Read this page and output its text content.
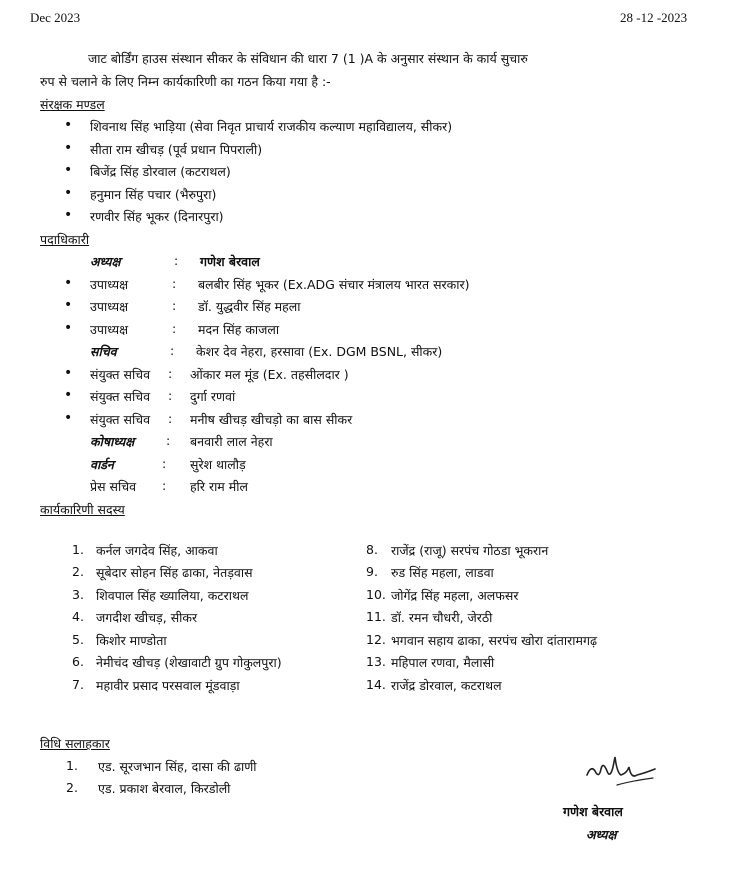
Dec 2023	28 -12 -2023
जाट बोर्डिंग हाउस संस्थान सीकर के संविधान की धारा 7 (1 )A के अनुसार संस्थान के कार्य सुचारु
रुप से चलाने के लिए निम्न कार्यकारिणी का गठन किया गया है :-
संरक्षक मण्डल
• शिवनाथ सिंह भाड़िया (सेवा निवृत प्राचार्य राजकीय कल्याण महाविद्यालय, सीकर)
• सीता राम खीचड़ (पूर्व प्रधान पिपराली)
• बिजेंद्र सिंह डोरवाल (कटराथल)
• हनुमान सिंह पचार (भैरुपुरा)
• रणवीर सिंह भूकर (दिनारपुरा)
पदाधिकारी
अध्यक्ष	: गणेश बेरवाल
• उपाध्यक्ष	: बलबीर सिंह भूकर (Ex.ADG संचार मंत्रालय भारत सरकार)
• उपाध्यक्ष	: डॉ. युद्धवीर सिंह महला
• उपाध्यक्ष	: मदन सिंह काजला
सचिव	: केशर देव नेहरा, हरसावा (Ex. DGM BSNL, सीकर)
• संयुक्त सचिव : ओंकार मल मूंड (Ex. तहसीलदार )
• संयुक्त सचिव : दुर्गा रणवां
• संयुक्त सचिव : मनीष खीचड़ खीचड़ो का बास सीकर
कोषाध्यक्ष	: बनवारी लाल नेहरा
वार्डन	: सुरेश थालौड़
प्रेस सचिव : हरि राम मील
कार्यकारिणी सदस्य
1. कर्नल जगदेव सिंह, आकवा
2. सूबेदार सोहन सिंह ढाका, नेतड़वास
3. शिवपाल सिंह ख्यालिया, कटराथल
4. जगदीश खीचड़, सीकर
5. किशोर माण्डोता
6. नेमीचंद खीचड़ (शेखावाटी ग्रुप गोकुलपुरा)
7. महावीर प्रसाद परसवाल मूंडवाड़ा
8. राजेंद्र (राजू) सरपंच गोठडा भूकरान
9. रुड सिंह महला, लाडवा
10. जोगेंद्र सिंह महला, अलफसर
11. डॉ. रमन चौधरी, जेरठी
12. भगवान सहाय ढाका, सरपंच खोरा दांतारामगढ़
13. महिपाल रणवा, मैलासी
14. राजेंद्र डोरवाल, कटराथल
विधि सलाहकार
1. एड. सूरजभान सिंह, दासा की ढाणी
2. एड. प्रकाश बेरवाल, किरडोली
गणेश बेरवाल
अध्यक्ष
